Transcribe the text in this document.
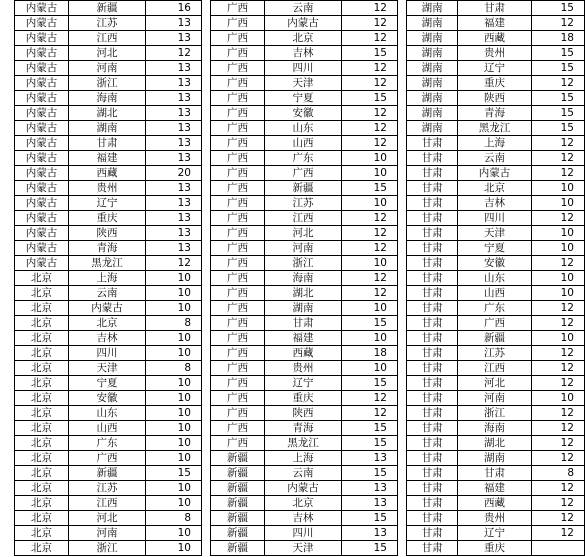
内蒙古	新疆	16
内蒙古	江苏	13
内蒙古	江西	13
内蒙古	河北	12
内蒙古	河南	13
内蒙古	浙江	13
内蒙古	海南	13
内蒙古	湖北	13
内蒙古	湖南	13
内蒙古	甘肃	13
内蒙古	福建	13
内蒙古	西藏	20
内蒙古	贵州	13
内蒙古	辽宁	13
内蒙古	重庆	13
内蒙古	陕西	13
内蒙古	青海	13
内蒙古	黑龙江	12
北京	上海	10
北京	云南	10
北京	内蒙古	10
北京	北京	8
北京	吉林	10
北京	四川	10
北京	天津	8
北京	宁夏	10
北京	安徽	10
北京	山东	10
北京	山西	10
北京	广东	10
北京	广西	10
北京	新疆	15
北京	江苏	10
北京	江西	10
北京	河北	8
北京	河南	10
北京	浙江	10
广西	云南	12
广西	内蒙古	12
广西	北京	12
广西	吉林	15
广西	四川	12
广西	天津	12
广西	宁夏	15
广西	安徽	12
广西	山东	12
广西	山西	12
广西	广东	10
广西	广西	10
广西	新疆	15
广西	江苏	10
广西	江西	12
广西	河北	12
广西	河南	12
广西	浙江	10
广西	海南	12
广西	湖北	12
广西	湖南	10
广西	甘肃	15
广西	福建	10
广西	西藏	18
广西	贵州	10
广西	辽宁	15
广西	重庆	12
广西	陕西	12
广西	青海	15
广西	黑龙江	15
新疆	上海	13
新疆	云南	15
新疆	内蒙古	13
新疆	北京	13
新疆	吉林	15
新疆	四川	13
新疆	天津	15
湖南	甘肃	15
湖南	福建	12
湖南	西藏	18
湖南	贵州	15
湖南	辽宁	15
湖南	重庆	12
湖南	陕西	15
湖南	青海	15
湖南	黑龙江	15
甘肃	上海	12
甘肃	云南	12
甘肃	内蒙古	12
甘肃	北京	10
甘肃	吉林	10
甘肃	四川	12
甘肃	天津	10
甘肃	宁夏	10
甘肃	安徽	12
甘肃	山东	10
甘肃	山西	10
甘肃	广东	12
甘肃	广西	12
甘肃	新疆	10
甘肃	江苏	12
甘肃	江西	12
甘肃	河北	12
甘肃	河南	10
甘肃	浙江	12
甘肃	海南	12
甘肃	湖北	12
甘肃	湖南	12
甘肃	甘肃	8
甘肃	福建	12
甘肃	西藏	12
甘肃	贵州	12
甘肃	辽宁	12
甘肃	重庆	
